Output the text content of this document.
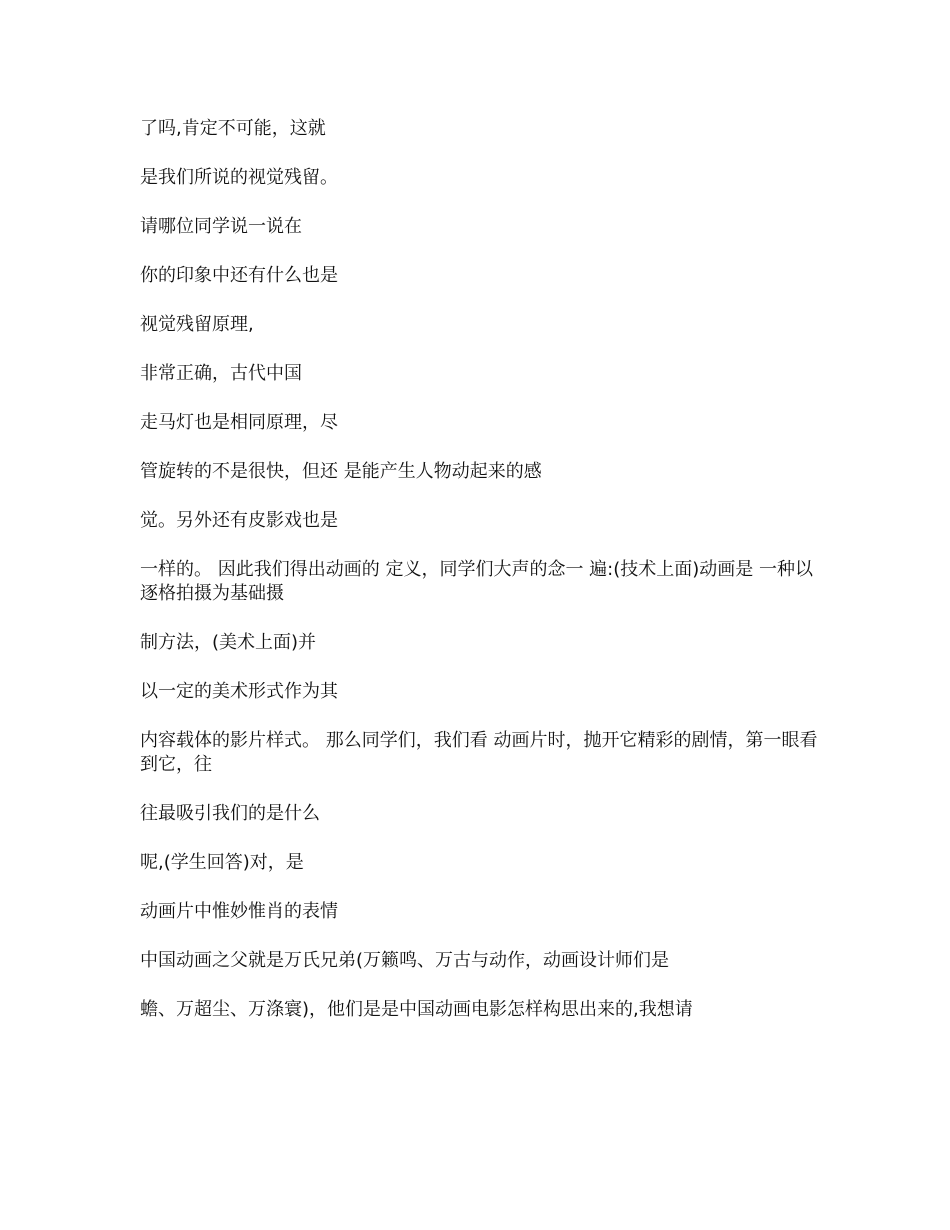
了吗,肯定不可能，这就

是我们所说的视觉残留。

请哪位同学说一说在

你的印象中还有什么也是

视觉残留原理,

非常正确，古代中国

走马灯也是相同原理，尽

管旋转的不是很快，但还 是能产生人物动起来的感

觉。另外还有皮影戏也是

一样的。 因此我们得出动画的 定义，同学们大声的念一 遍:(技术上面)动画是 一种以逐格拍摄为基础摄

制方法，(美术上面)并

以一定的美术形式作为其

内容载体的影片样式。 那么同学们，我们看 动画片时，抛开它精彩的剧情，第一眼看到它，往

往最吸引我们的是什么

呢,(学生回答)对，是

动画片中惟妙惟肖的表情

中国动画之父就是万氏兄弟(万籁鸣、万古与动作，动画设计师们是

蟾、万超尘、万涤寰)，他们是是中国动画电影怎样构思出来的,我想请
